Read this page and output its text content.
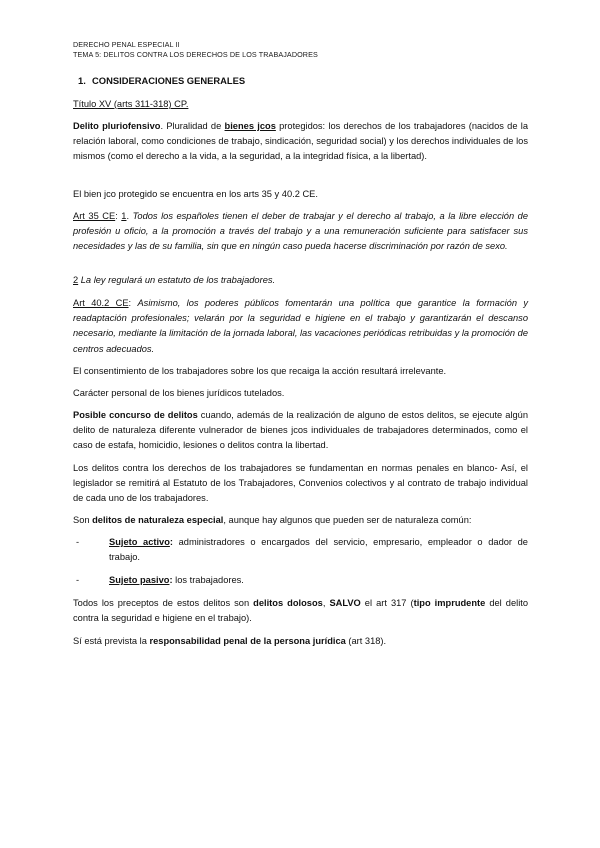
DERECHO PENAL ESPECIAL II
TEMA 5: DELITOS CONTRA LOS DERECHOS DE LOS TRABAJADORES
1. CONSIDERACIONES GENERALES
Título XV (arts 311-318) CP.
Delito pluriofensivo. Pluralidad de bienes jcos protegidos: los derechos de los trabajadores (nacidos de la relación laboral, como condiciones de trabajo, sindicación, seguridad social) y los derechos individuales de los mismos (como el derecho a la vida, a la seguridad, a la integridad física, a la libertad).
El bien jco protegido se encuentra en los arts 35 y 40.2 CE.
Art 35 CE: 1. Todos los españoles tienen el deber de trabajar y el derecho al trabajo, a la libre elección de profesión u oficio, a la promoción a través del trabajo y a una remuneración suficiente para satisfacer sus necesidades y las de su familia, sin que en ningún caso pueda hacerse discriminación por razón de sexo.
2 La ley regulará un estatuto de los trabajadores.
Art 40.2 CE: Asimismo, los poderes públicos fomentarán una política que garantice la formación y readaptación profesionales; velarán por la seguridad e higiene en el trabajo y garantizarán el descanso necesario, mediante la limitación de la jornada laboral, las vacaciones periódicas retribuidas y la promoción de centros adecuados.
El consentimiento de los trabajadores sobre los que recaiga la acción resultará irrelevante.
Carácter personal de los bienes jurídicos tutelados.
Posible concurso de delitos cuando, además de la realización de alguno de estos delitos, se ejecute algún delito de naturaleza diferente vulnerador de bienes jcos individuales de trabajadores determinados, como el caso de estafa, homicidio, lesiones o delitos contra la libertad.
Los delitos contra los derechos de los trabajadores se fundamentan en normas penales en blanco- Así, el legislador se remitirá al Estatuto de los Trabajadores, Convenios colectivos y al contrato de trabajo individual de cada uno de los trabajadores.
Son delitos de naturaleza especial, aunque hay algunos que pueden ser de naturaleza común:
-	Sujeto activo: administradores o encargados del servicio, empresario, empleador o dador de trabajo.
-	Sujeto pasivo: los trabajadores.
Todos los preceptos de estos delitos son delitos dolosos, SALVO el art 317 (tipo imprudente del delito contra la seguridad e higiene en el trabajo).
Sí está prevista la responsabilidad penal de la persona jurídica (art 318).
